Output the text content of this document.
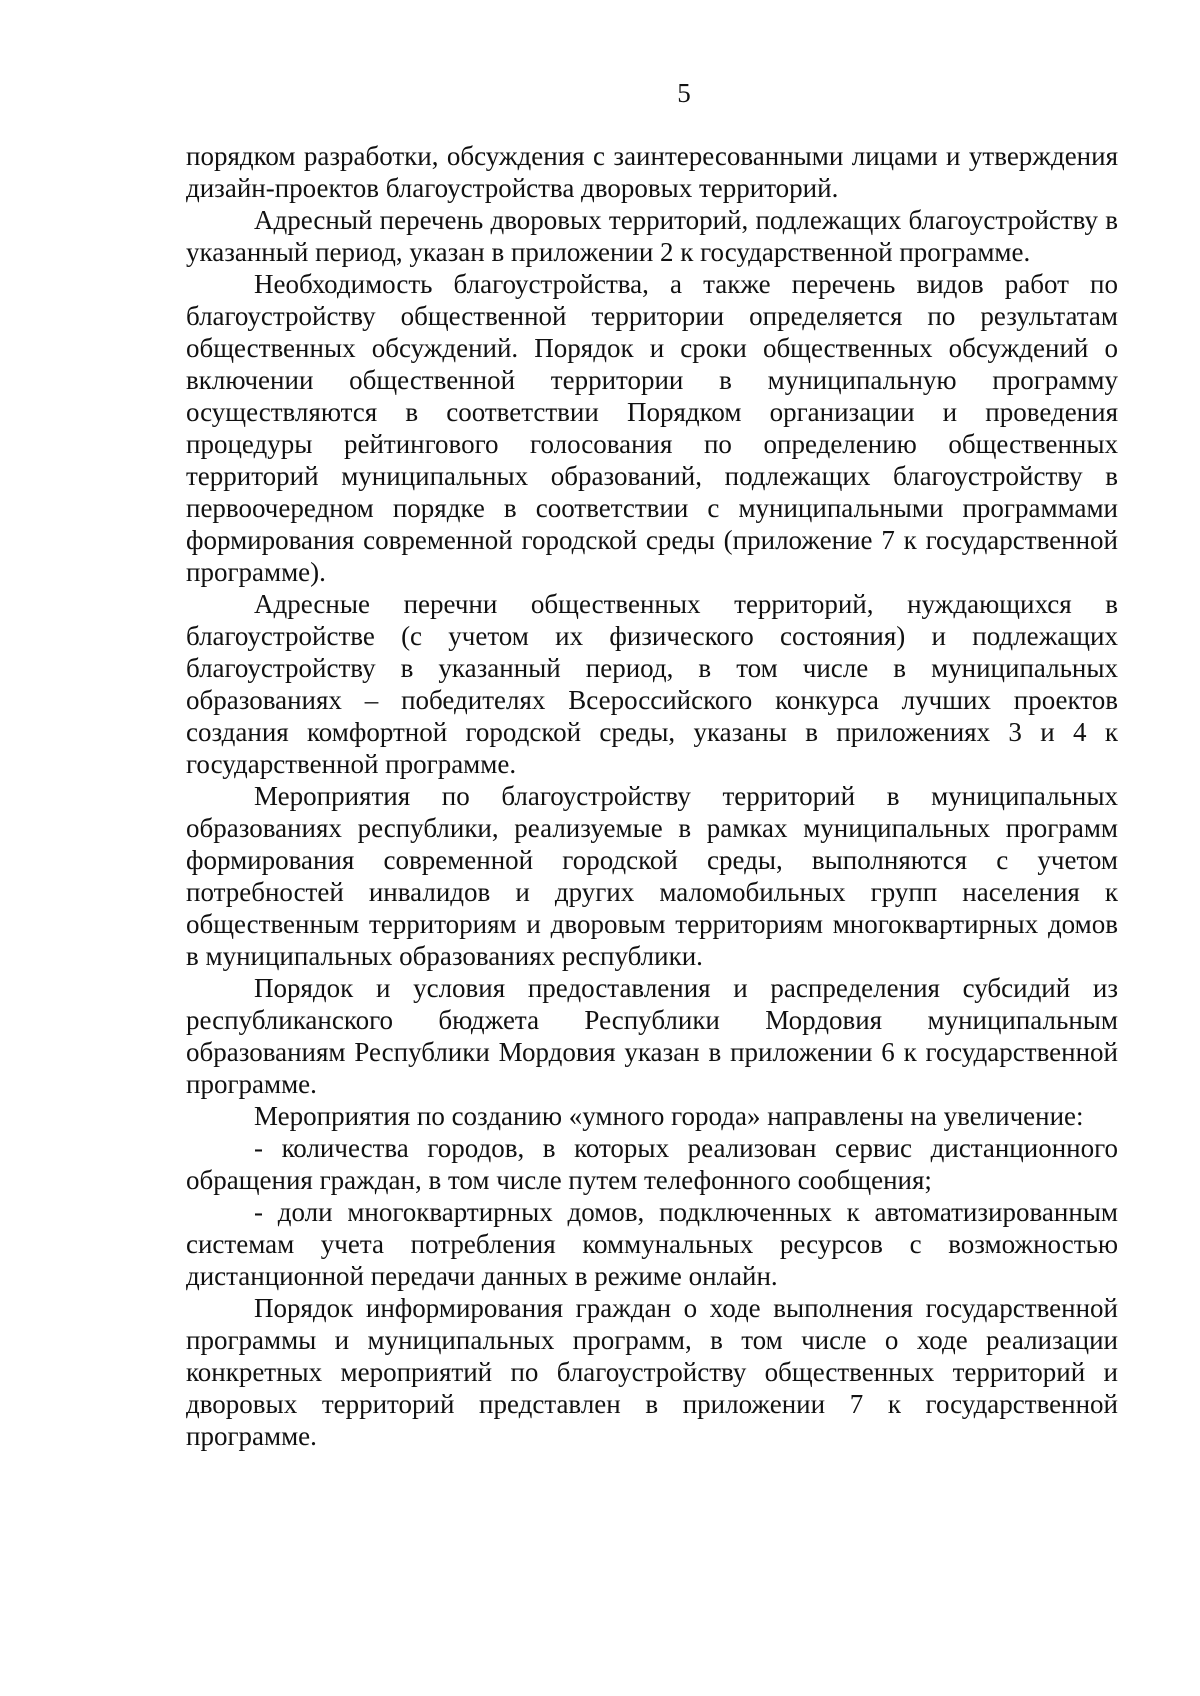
5

порядком разработки, обсуждения с заинтересованными лицами и утверждения дизайн-проектов благоустройства дворовых территорий.

Адресный перечень дворовых территорий, подлежащих благоустройству в указанный период, указан в приложении 2 к государственной программе.

Необходимость благоустройства, а также перечень видов работ по благоустройству общественной территории определяется по результатам общественных обсуждений. Порядок и сроки общественных обсуждений о включении общественной территории в муниципальную программу осуществляются в соответствии Порядком организации и проведения процедуры рейтингового голосования по определению общественных территорий муниципальных образований, подлежащих благоустройству в первоочередном порядке в соответствии с муниципальными программами формирования современной городской среды (приложение 7 к государственной программе).

Адресные перечни общественных территорий, нуждающихся в благоустройстве (с учетом их физического состояния) и подлежащих благоустройству в указанный период, в том числе в муниципальных образованиях – победителях Всероссийского конкурса лучших проектов создания комфортной городской среды, указаны в приложениях 3 и 4 к государственной программе.

Мероприятия по благоустройству территорий в муниципальных образованиях республики, реализуемые в рамках муниципальных программ формирования современной городской среды, выполняются с учетом потребностей инвалидов и других маломобильных групп населения к общественным территориям и дворовым территориям многоквартирных домов в муниципальных образованиях республики.

Порядок и условия предоставления и распределения субсидий из республиканского бюджета Республики Мордовия муниципальным образованиям Республики Мордовия указан в приложении 6 к государственной программе.

Мероприятия по созданию «умного города» направлены на увеличение:

- количества городов, в которых реализован сервис дистанционного обращения граждан, в том числе путем телефонного сообщения;

- доли многоквартирных домов, подключенных к автоматизированным системам учета потребления коммунальных ресурсов с возможностью дистанционной передачи данных в режиме онлайн.

Порядок информирования граждан о ходе выполнения государственной программы и муниципальных программ, в том числе о ходе реализации конкретных мероприятий по благоустройству общественных территорий и дворовых территорий представлен в приложении 7 к государственной программе.
